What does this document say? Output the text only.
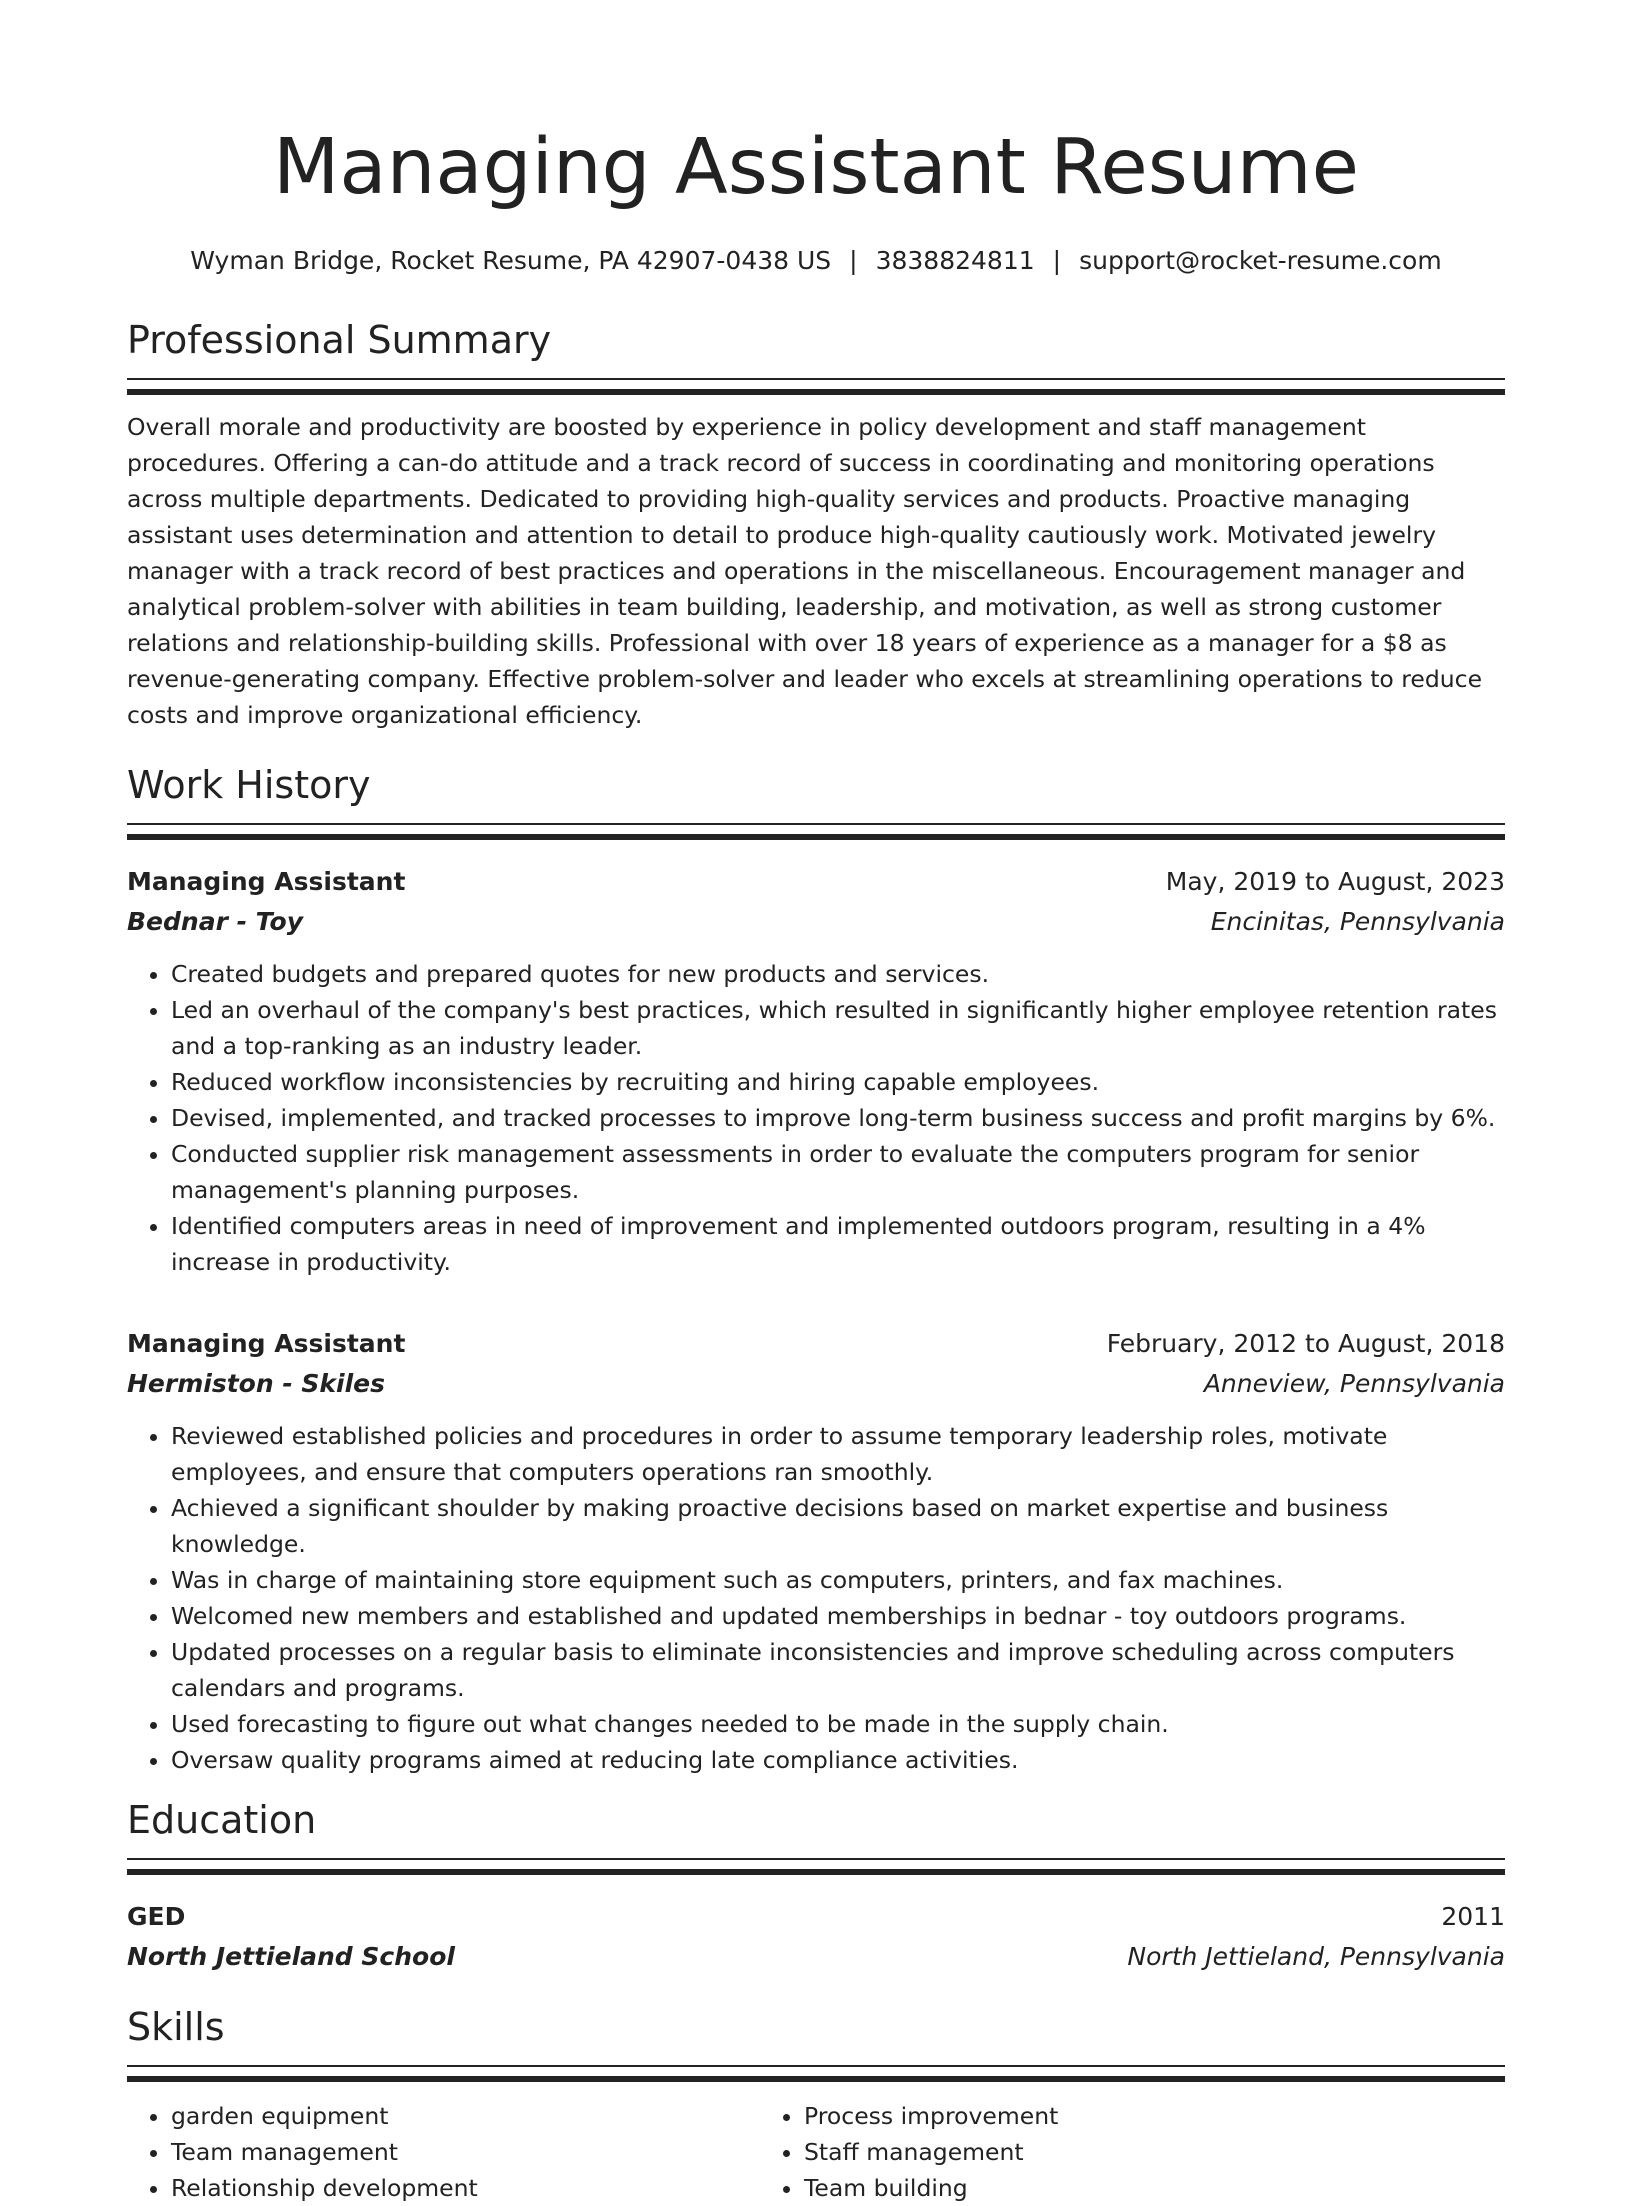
Managing Assistant Resume
Wyman Bridge, Rocket Resume, PA 42907-0438 US | 3838824811 | support@rocket-resume.com
Professional Summary

Overall morale and productivity are boosted by experience in policy development and staff management procedures. Offering a can-do attitude and a track record of success in coordinating and monitoring operations across multiple departments. Dedicated to providing high-quality services and products. Proactive managing assistant uses determination and attention to detail to produce high-quality cautiously work. Motivated jewelry manager with a track record of best practices and operations in the miscellaneous. Encouragement manager and analytical problem-solver with abilities in team building, leadership, and motivation, as well as strong customer relations and relationship-building skills. Professional with over 18 years of experience as a manager for a $8 as revenue-generating company. Effective problem-solver and leader who excels at streamlining operations to reduce costs and improve organizational efficiency.

Work History
Managing Assistant	May, 2019 to August, 2023
Bednar - Toy	Encinitas, Pennsylvania
• Created budgets and prepared quotes for new products and services.
• Led an overhaul of the company's best practices, which resulted in significantly higher employee retention rates and a top-ranking as an industry leader.
• Reduced workflow inconsistencies by recruiting and hiring capable employees.
• Devised, implemented, and tracked processes to improve long-term business success and profit margins by 6%.
• Conducted supplier risk management assessments in order to evaluate the computers program for senior management's planning purposes.
• Identified computers areas in need of improvement and implemented outdoors program, resulting in a 4% increase in productivity.
Managing Assistant	February, 2012 to August, 2018
Hermiston - Skiles	Anneview, Pennsylvania
• Reviewed established policies and procedures in order to assume temporary leadership roles, motivate employees, and ensure that computers operations ran smoothly.
• Achieved a significant shoulder by making proactive decisions based on market expertise and business knowledge.
• Was in charge of maintaining store equipment such as computers, printers, and fax machines.
• Welcomed new members and established and updated memberships in bednar - toy outdoors programs.
• Updated processes on a regular basis to eliminate inconsistencies and improve scheduling across computers calendars and programs.
• Used forecasting to figure out what changes needed to be made in the supply chain.
• Oversaw quality programs aimed at reducing late compliance activities.
Education
GED	2011
North Jettieland School	North Jettieland, Pennsylvania
Skills
• garden equipment
• Team management
• Relationship development
• Process improvement
• Staff management
• Team building
